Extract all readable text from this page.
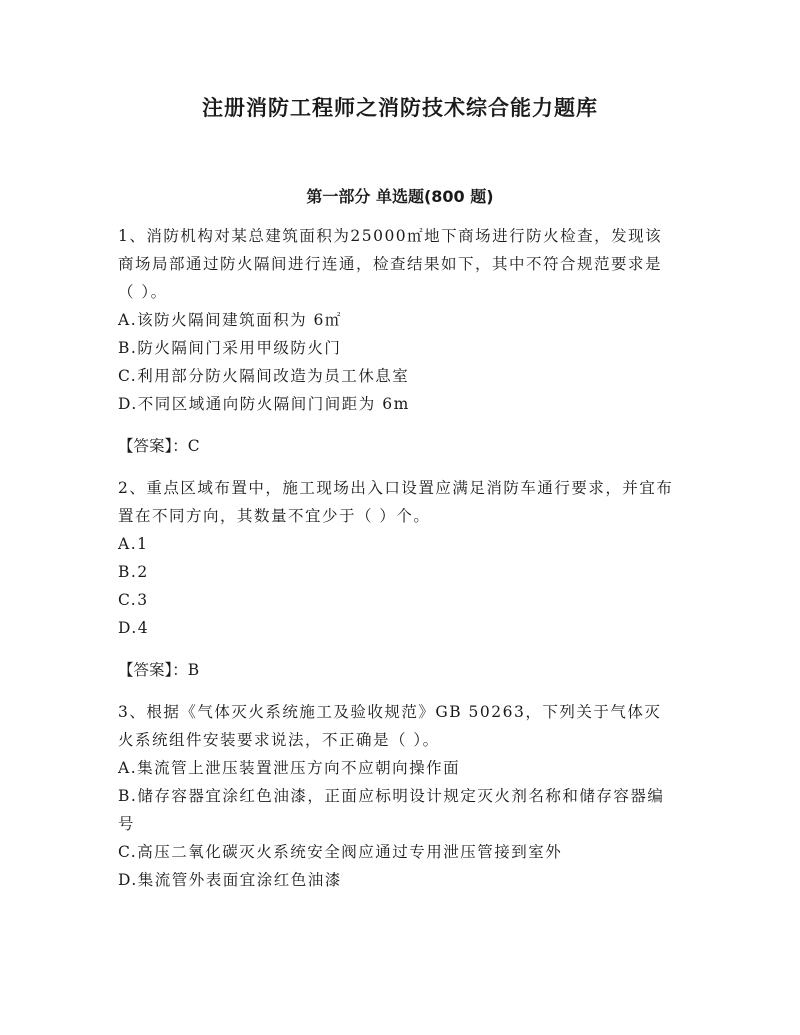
注册消防工程师之消防技术综合能力题库
第一部分 单选题(800 题)
1、消防机构对某总建筑面积为25000㎡地下商场进行防火检查，发现该商场局部通过防火隔间进行连通，检查结果如下，其中不符合规范要求是（ ）。
A.该防火隔间建筑面积为 6㎡
B.防火隔间门采用甲级防火门
C.利用部分防火隔间改造为员工休息室
D.不同区域通向防火隔间门间距为 6m
【答案】：C
2、重点区域布置中，施工现场出入口设置应满足消防车通行要求，并宜布置在不同方向，其数量不宜少于（ ）个。
A.1
B.2
C.3
D.4
【答案】：B
3、根据《气体灭火系统施工及验收规范》GB 50263，下列关于气体灭火系统组件安装要求说法，不正确是（ ）。
A.集流管上泄压装置泄压方向不应朝向操作面
B.储存容器宜涂红色油漆，正面应标明设计规定灭火剂名称和储存容器编号
C.高压二氧化碳灭火系统安全阀应通过专用泄压管接到室外
D.集流管外表面宜涂红色油漆
